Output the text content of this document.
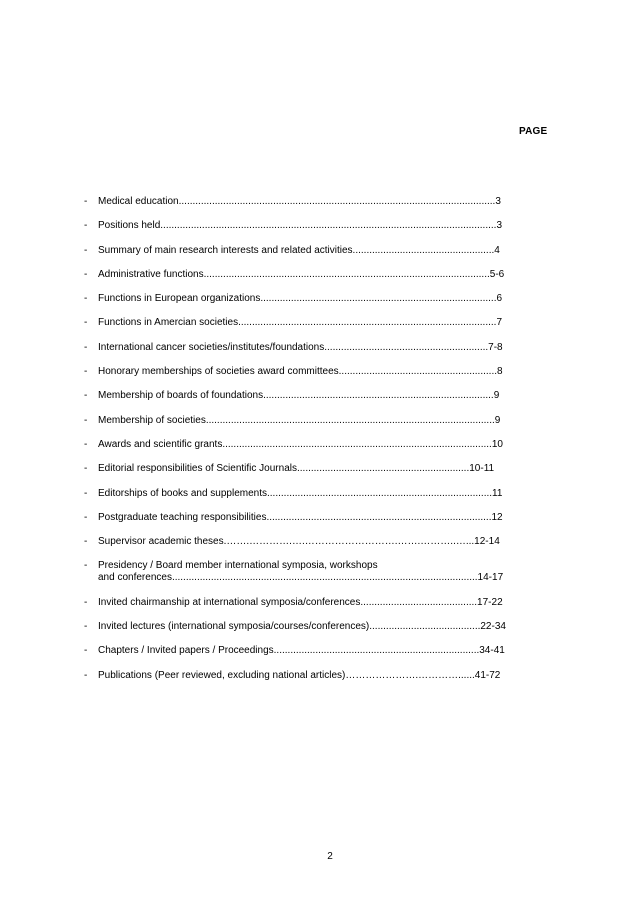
PAGE
- Medical education..................................................................................................................3
- Positions held.........................................................................................................................3
- Summary of main research interests and related activities...................................................4
- Administrative functions.......................................................................................................5-6
- Functions in European organizations.....................................................................................6
- Functions in Amercian societies.............................................................................................7
- International cancer societies/institutes/foundations...........................................................7-8
- Honorary memberships of societies award committees.........................................................8
- Membership of boards of foundations...................................................................................9
- Membership of societies........................................................................................................9
- Awards and scientific grants.................................................................................................10
- Editorial responsibilities of Scientific Journals..............................................................10-11
- Editorships of books and supplements.................................................................................11
- Postgraduate teaching responsibilities.................................................................................12
- Supervisor academic theses.…….………….….……………………….…….………..…...12-14
- Presidency / Board member international symposia, workshops
and conferences..............................................................................................................14-17
- Invited chairmanship at international symposia/conferences..........................................17-22
- Invited lectures (international symposia/courses/conferences)........................................22-34
- Chapters / Invited papers / Proceedings..........................................................................34-41
- Publications (Peer reviewed, excluding national articles)………………….…………......41-72
2
